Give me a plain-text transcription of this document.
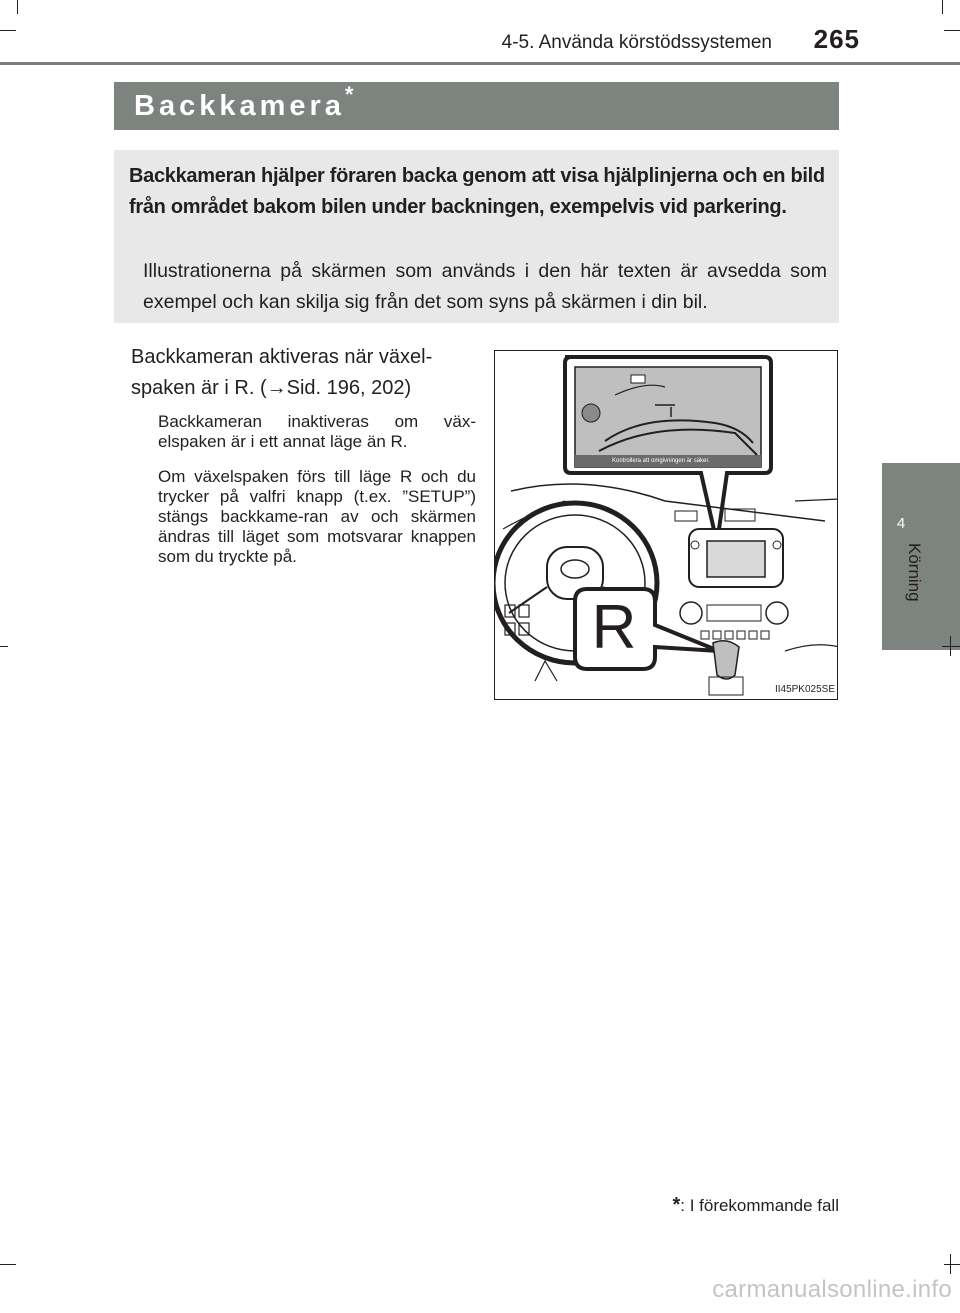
4-5. Använda körstödssystemen	265
Backkamera*
Backkameran hjälper föraren backa genom att visa hjälplinjerna och en bild från området bakom bilen under backningen, exempelvis vid parkering.
Illustrationerna på skärmen som används i den här texten är avsedda som exempel och kan skilja sig från det som syns på skärmen i din bil.
Backkameran aktiveras när växel-spaken är i R. (→Sid. 196, 202)
Backkameran inaktiveras om väx-elspaken är i ett annat läge än R.
Om växelspaken förs till läge R och du trycker på valfri knapp (t.ex. ”SETUP”) stängs backkame-ran av och skärmen ändras till läget som motsvarar knappen som du tryckte på.
Kontrollera att omgivningen är säker.
R
II45PK025SE
4
Körning
*: I förekommande fall
carmanualsonline.info
